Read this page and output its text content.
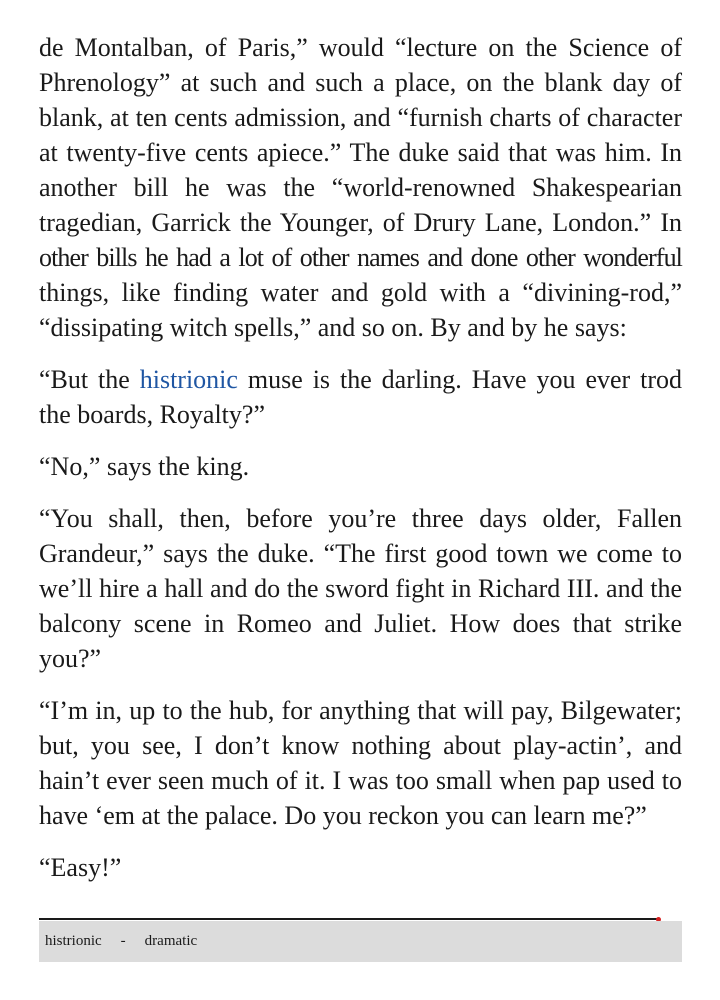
de Montalban, of Paris,” would “lecture on the Science of Phrenology” at such and such a place, on the blank day of blank, at ten cents admission, and “furnish charts of character at twenty-five cents apiece.” The duke said that was him. In another bill he was the “world-renowned Shakespearian tragedian, Garrick the Younger, of Drury Lane, London.” In other bills he had a lot of other names and done other wonderful things, like finding water and gold with a “divining-rod,” “dissipating witch spells,” and so on. By and by he says:

“But the histrionic muse is the darling. Have you ever trod the boards, Royalty?”

“No,” says the king.

“You shall, then, before you’re three days older, Fallen Grandeur,” says the duke. “The first good town we come to we’ll hire a hall and do the sword fight in Richard III. and the balcony scene in Romeo and Juliet. How does that strike you?”

“I’m in, up to the hub, for anything that will pay, Bilgewater; but, you see, I don’t know nothing about play-actin’, and hain’t ever seen much of it. I was too small when pap used to have ‘em at the palace. Do you reckon you can learn me?”

“Easy!”

histrionic - dramatic
